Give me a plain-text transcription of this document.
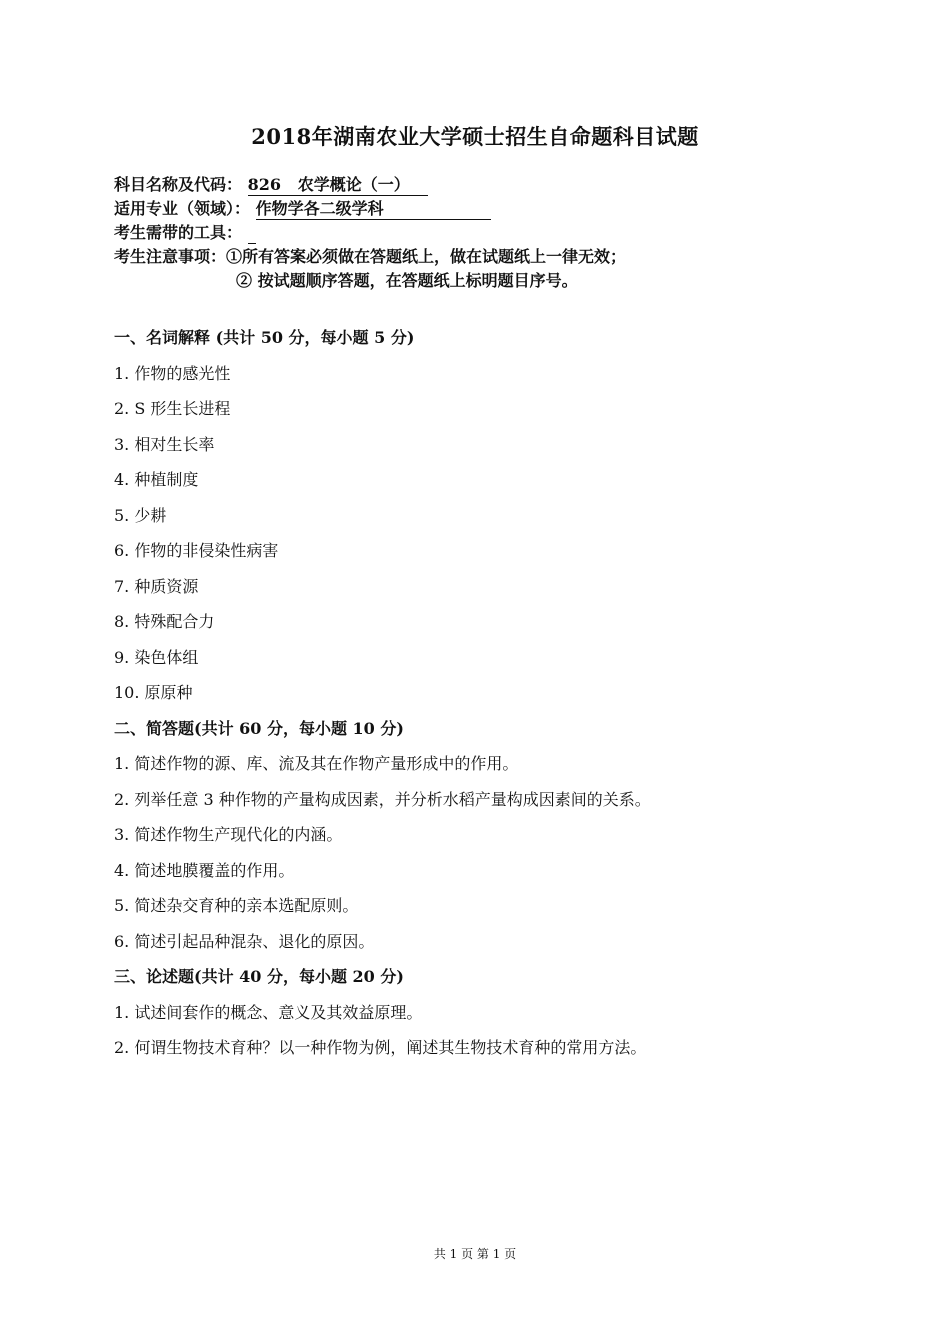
2018年湖南农业大学硕士招生自命题科目试题
科目名称及代码： 826   农学概论（一）
适用专业（领域）： 作物学各二级学科
考生需带的工具：
考生注意事项：①所有答案必须做在答题纸上，做在试题纸上一律无效；
② 按试题顺序答题，在答题纸上标明题目序号。
一、名词解释 (共计 50 分，每小题 5 分)
1. 作物的感光性
2. S 形生长进程
3. 相对生长率
4. 种植制度
5. 少耕
6. 作物的非侵染性病害
7. 种质资源
8. 特殊配合力
9. 染色体组
10. 原原种
二、简答题(共计 60 分，每小题 10 分)
1. 简述作物的源、库、流及其在作物产量形成中的作用。
2. 列举任意 3 种作物的产量构成因素，并分析水稻产量构成因素间的关系。
3. 简述作物生产现代化的内涵。
4. 简述地膜覆盖的作用。
5. 简述杂交育种的亲本选配原则。
6. 简述引起品种混杂、退化的原因。
三、论述题(共计 40 分，每小题 20 分)
1. 试述间套作的概念、意义及其效益原理。
2. 何谓生物技术育种？以一种作物为例，阐述其生物技术育种的常用方法。
共 1 页 第 1 页
